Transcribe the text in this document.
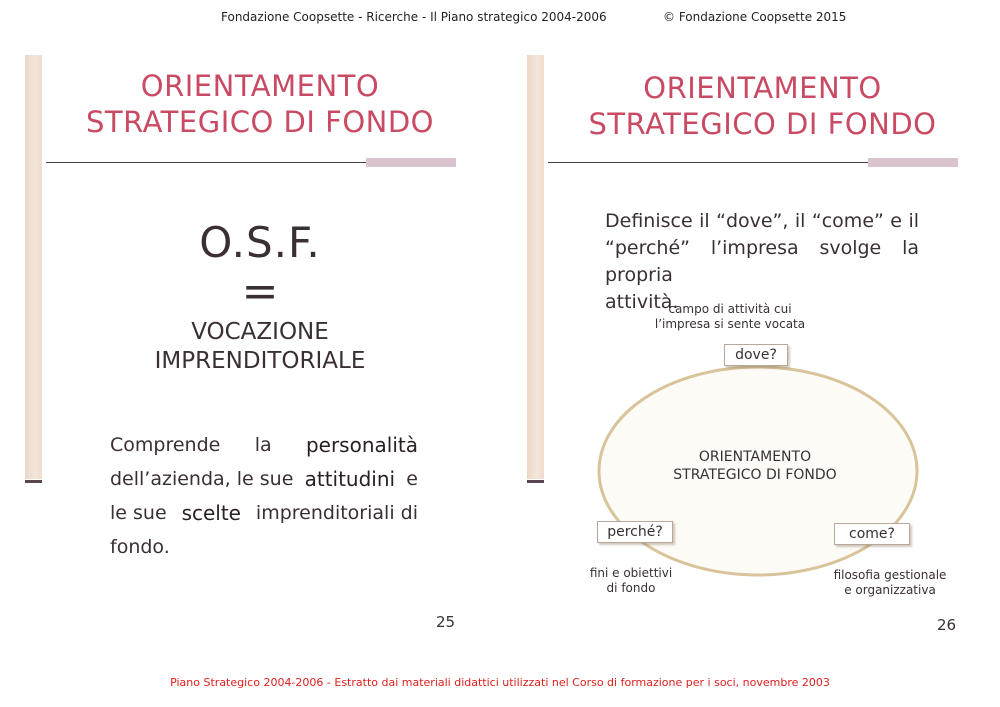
Fondazione Coopsette - Ricerche - Il Piano strategico 2004-2006	© Fondazione Coopsette 2015
ORIENTAMENTO
STRATEGICO DI FONDO
O.S.F.
=
VOCAZIONE
IMPRENDITORIALE
Comprende la personalità
dell’azienda, le sue attitudini e
le sue scelte imprenditoriali di
fondo.
25
ORIENTAMENTO
STRATEGICO DI FONDO
Definisce il “dove”, il “come” e il
“perché” l’impresa svolge la propria
attività.
campo di attività cui
l’impresa si sente vocata
dove?
ORIENTAMENTO
STRATEGICO DI FONDO
perché?	come?
fini e obiettivi
di fondo
filosofia gestionale
e organizzativa
26
Piano Strategico 2004-2006 - Estratto dai materiali didattici utilizzati nel Corso di formazione per i soci, novembre 2003
